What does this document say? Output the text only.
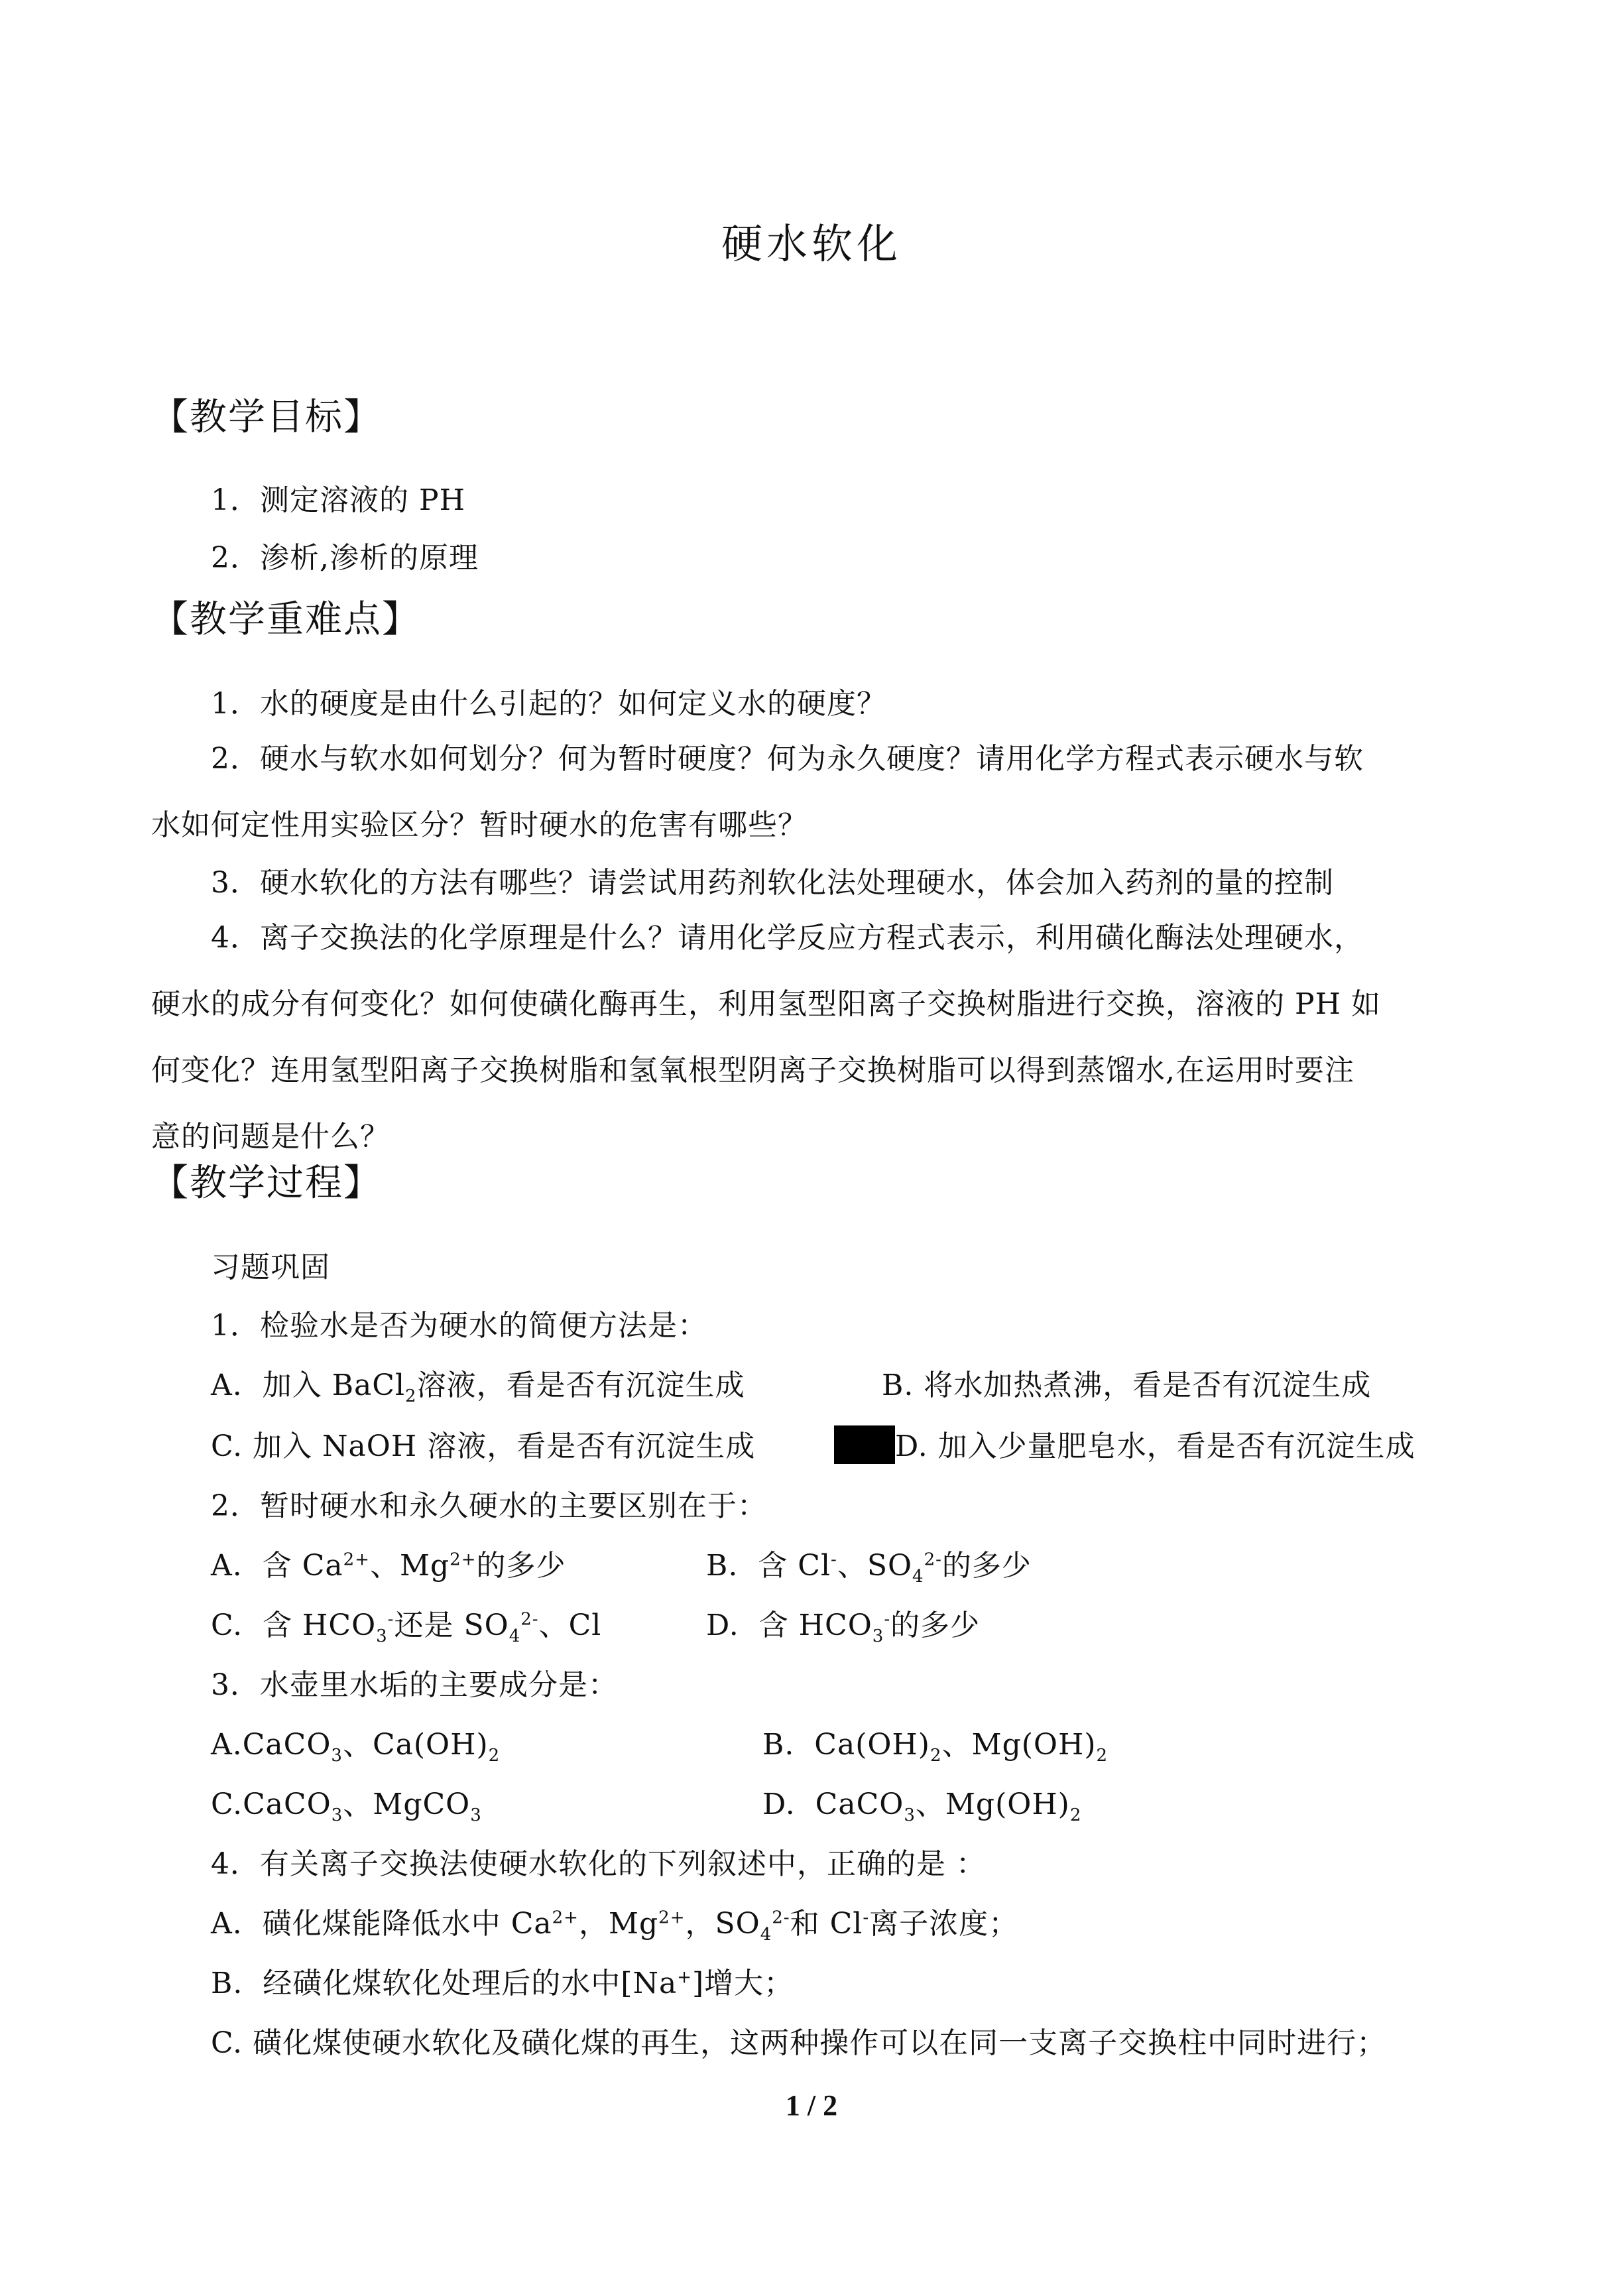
硬水软化
【教学目标】
1．测定溶液的 PH
2．渗析,渗析的原理
【教学重难点】
1．水的硬度是由什么引起的？如何定义水的硬度？
2．硬水与软水如何划分？何为暂时硬度？何为永久硬度？请用化学方程式表示硬水与软
水如何定性用实验区分？暂时硬水的危害有哪些？
3．硬水软化的方法有哪些？请尝试用药剂软化法处理硬水，体会加入药剂的量的控制
4．离子交换法的化学原理是什么？请用化学反应方程式表示，利用磺化酶法处理硬水，
硬水的成分有何变化？如何使磺化酶再生，利用氢型阳离子交换树脂进行交换，溶液的 PH 如
何变化？连用氢型阳离子交换树脂和氢氧根型阴离子交换树脂可以得到蒸馏水,在运用时要注
意的问题是什么？
【教学过程】
习题巩固
1．检验水是否为硬水的简便方法是：
A.  加入 BaCl$_2$溶液，看是否有沉淀生成	B. 将水加热煮沸，看是否有沉淀生成
C. 加入 NaOH 溶液，看是否有沉淀生成	D. 加入少量肥皂水，看是否有沉淀生成
2．暂时硬水和永久硬水的主要区别在于：
A.  含 $Ca^{2+}$、$Mg^{2+}$的多少	B.  含 Cl-、$SO_4^{2-}$的多少
C.  含 $HCO_3^-$还是 $SO_4^{2-}$、Cl	D.  含 $HCO_3^-$的多少
3．水壶里水垢的主要成分是：
A.CaCO$_3$、$Ca(OH)_2$	B.  $Ca(OH)_2$、$Mg(OH)_2$
C.CaCO$_3$、MgCO$_3$	D.  CaCO$_3$、$Mg(OH)_2$
4．有关离子交换法使硬水软化的下列叙述中，正确的是 ：
A.  磺化煤能降低水中 $Ca^{2+}$，$Mg^{2+}$，$SO_4^{2-}$和 Cl-离子浓度；
B.  经磺化煤软化处理后的水中[Na+]增大；
C. 磺化煤使硬水软化及磺化煤的再生，这两种操作可以在同一支离子交换柱中同时进行；
1 / 2
